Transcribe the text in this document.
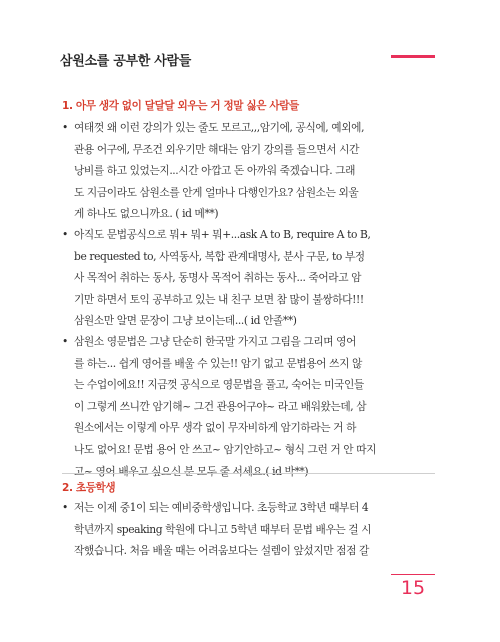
삼원소를 공부한 사람들
1. 아무 생각 없이 달달달 외우는 거 정말 싫은 사람들
• 여태껏 왜 이런 강의가 있는 줄도 모르고,,,암기에, 공식에, 예외에,
관용 어구에, 무조건 외우기만 해대는 암기 강의를 들으면서 시간
낭비를 하고 있었는지...시간 아깝고 돈 아까워 죽겠습니다. 그래
도 지금이라도 삼원소를 안게 얼마나 다행인가요? 삼원소는 외울
게 하나도 없으니까요. ( id 메**)
• 아직도 문법공식으로 뭐+ 뭐+ 뭐+...ask A to B, require A to B,
be requested to, 사역동사, 복합 관계대명사, 분사 구문, to 부정
사 목적어 취하는 동사, 동명사 목적어 취하는 동사... 죽어라고 암
기만 하면서 토익 공부하고 있는 내 친구 보면 참 많이 불쌍하다!!!
삼원소만 알면 문장이 그냥 보이는데...( id 안졸**)
• 삼원소 영문법은 그냥 단순히 한국말 가지고 그림을 그리며 영어
를 하는... 쉽게 영어를 배울 수 있는!! 암기 없고 문법용어 쓰지 않
는 수업이에요!! 지금껏 공식으로 영문법을 풀고, 숙어는 미국인들
이 그렇게 쓰니깐 암기해~ 그건 관용어구야~ 라고 배워왔는데, 삼
원소에서는 이렇게 아무 생각 없이 무자비하게 암기하라는 거 하
나도 없어요! 문법 용어 안 쓰고~ 암기안하고~ 형식 그런 거 안 따지
고~ 영어 배우고 싶으신 분 모두 줄 서세요.( id 박**)
2. 초등학생
• 저는 이제 중1이 되는 예비중학생입니다. 초등학교 3학년 때부터 4
학년까지 speaking 학원에 다니고 5학년 때부터 문법 배우는 걸 시
작했습니다. 처음 배울 때는 어려움보다는 설렘이 앞섰지만 점점 갈
15
